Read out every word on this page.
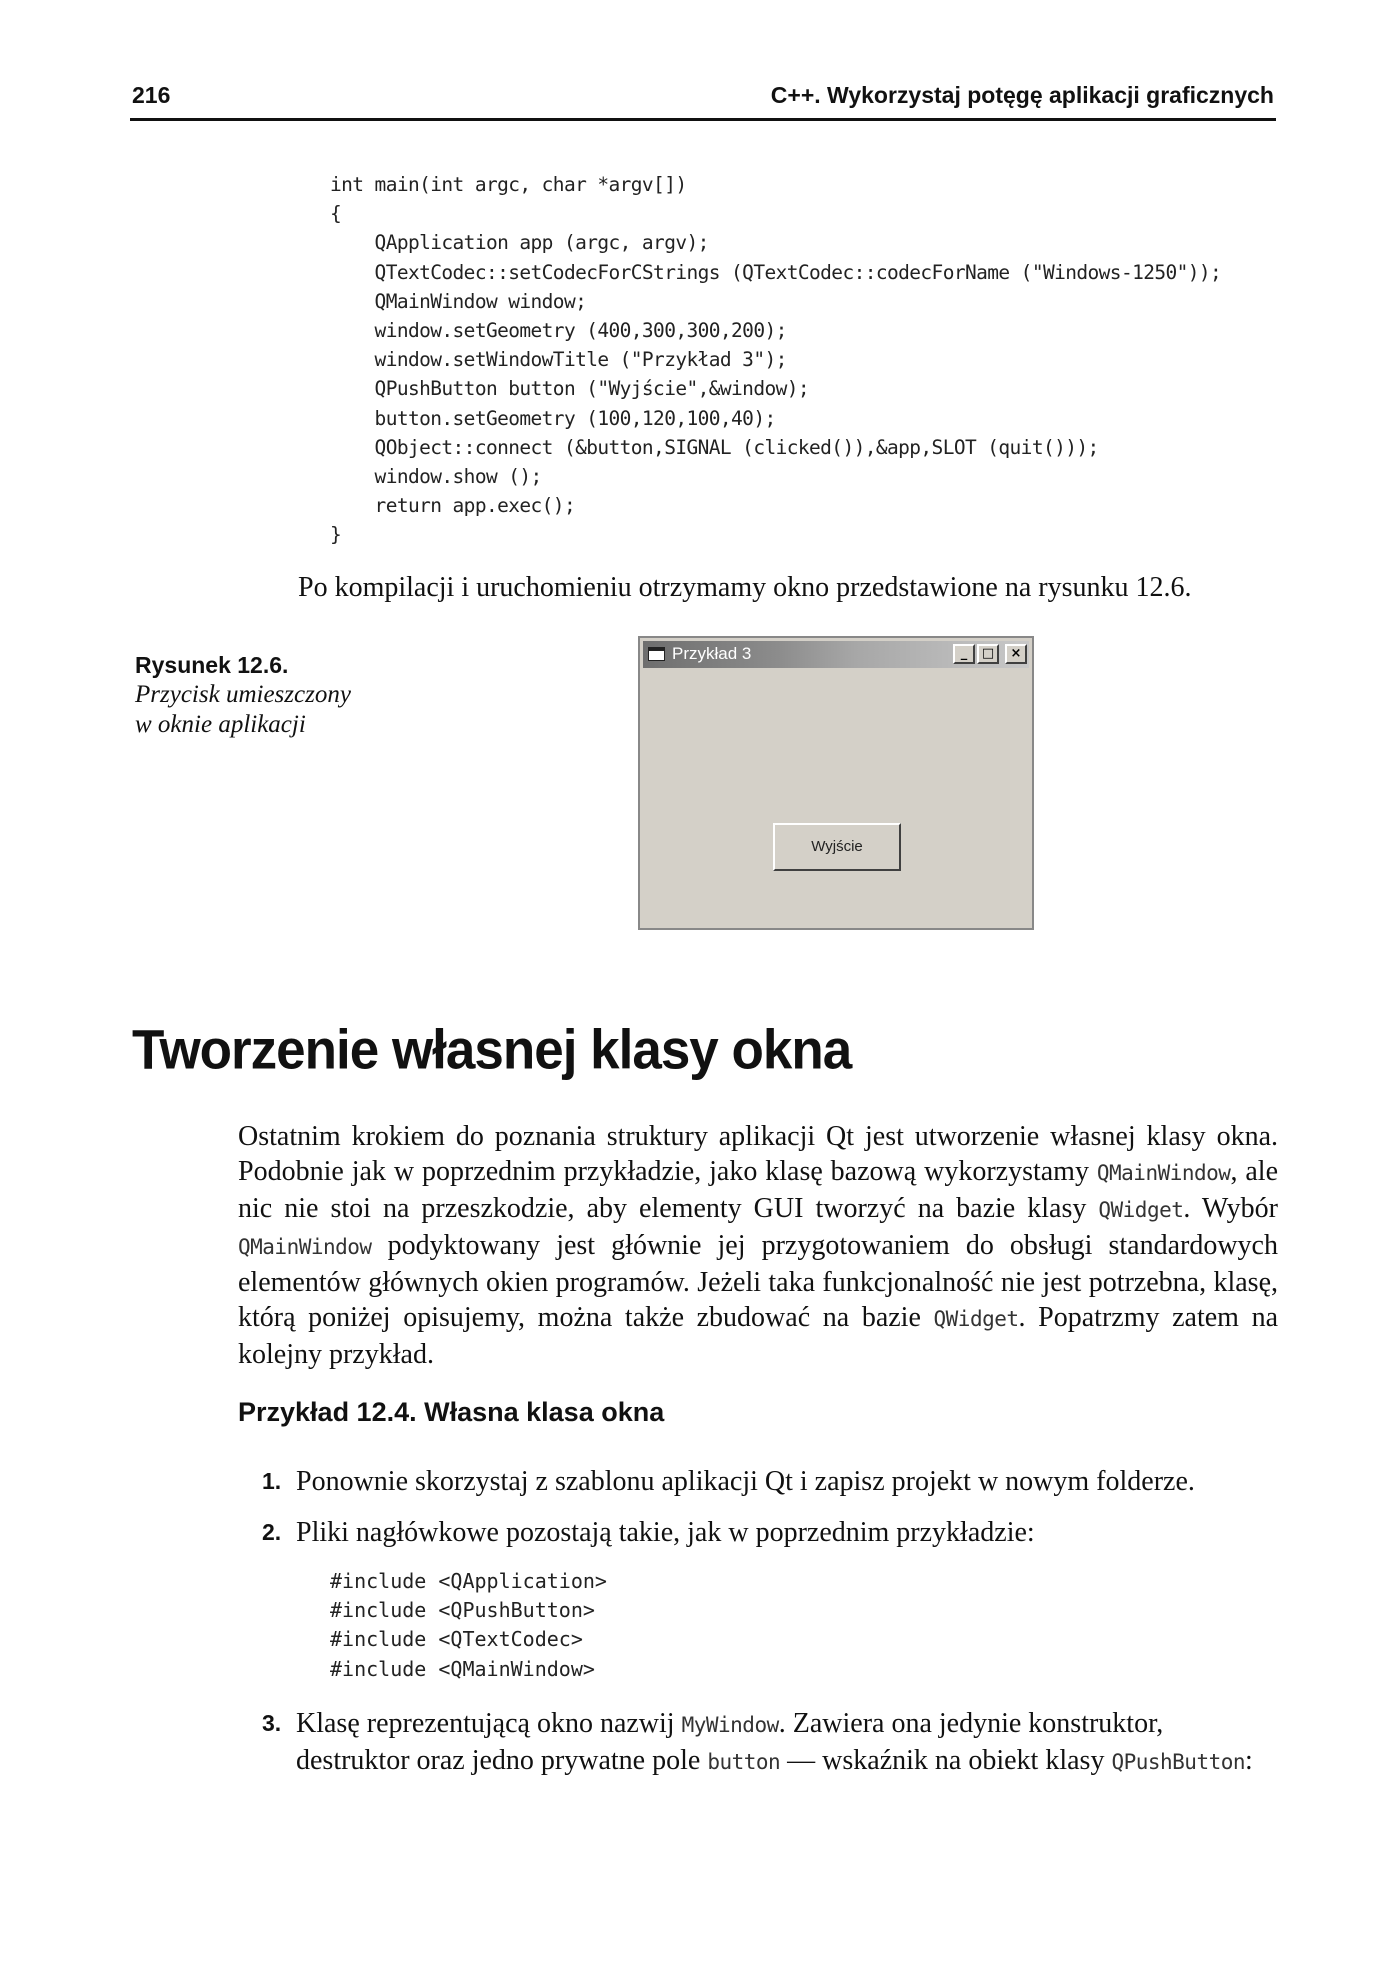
216	C++. Wykorzystaj potęgę aplikacji graficznych
int main(int argc, char *argv[])
{
QApplication app (argc, argv);
QTextCodec::setCodecForCStrings (QTextCodec::codecForName ("Windows-1250"));
QMainWindow window;
window.setGeometry (400,300,300,200);
window.setWindowTitle ("Przykład 3");
QPushButton button ("Wyjście",&window);
button.setGeometry (100,120,100,40);
QObject::connect (&button,SIGNAL (clicked()),&app,SLOT (quit()));
window.show ();
return app.exec();
}
Po kompilacji i uruchomieniu otrzymamy okno przedstawione na rysunku 12.6.
Rysunek 12.6.
Przycisk umieszczony
w oknie aplikacji
Przykład 3	_	□	×
Wyjście
Tworzenie własnej klasy okna
Ostatnim krokiem do poznania struktury aplikacji Qt jest utworzenie własnej klasy okna. Podobnie jak w poprzednim przykładzie, jako klasę bazową wykorzystamy QMainWindow, ale nic nie stoi na przeszkodzie, aby elementy GUI tworzyć na bazie klasy QWidget. Wybór QMainWindow podyktowany jest głównie jej przygotowaniem do obsługi standardowych elementów głównych okien programów. Jeżeli taka funkcjonalność nie jest potrzebna, klasę, którą poniżej opisujemy, można także zbudować na bazie QWidget. Popatrzmy zatem na kolejny przykład.
Przykład 12.4. Własna klasa okna
1. Ponownie skorzystaj z szablonu aplikacji Qt i zapisz projekt w nowym folderze.
2. Pliki nagłówkowe pozostają takie, jak w poprzednim przykładzie:
#include <QApplication>
#include <QPushButton>
#include <QTextCodec>
#include <QMainWindow>
3. Klasę reprezentującą okno nazwij MyWindow. Zawiera ona jedynie konstruktor, destruktor oraz jedno prywatne pole button — wskaźnik na obiekt klasy QPushButton:
